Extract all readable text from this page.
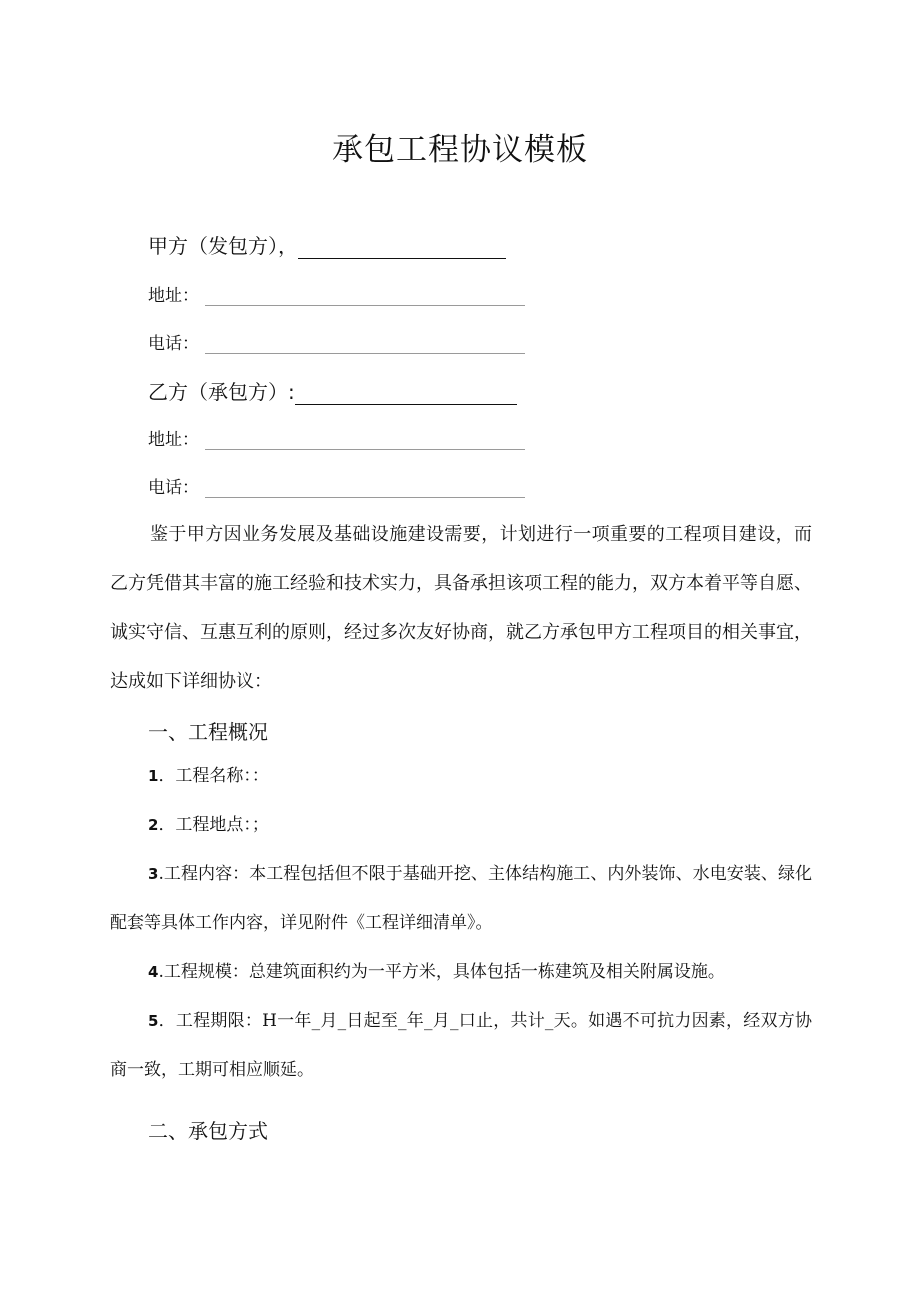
承包工程协议模板
甲方（发包方），
地址：
电话：
乙方（承包方）:
地址：
电话：
鉴于甲方因业务发展及基础设施建设需要，计划进行一项重要的工程项目建设，而乙方凭借其丰富的施工经验和技术实力，具备承担该项工程的能力，双方本着平等自愿、诚实守信、互惠互利的原则，经过多次友好协商，就乙方承包甲方工程项目的相关事宜，达成如下详细协议：
一、工程概况
1．工程名称：：
2．工程地点：；
3.工程内容：本工程包括但不限于基础开挖、主体结构施工、内外装饰、水电安装、绿化配套等具体工作内容，详见附件《工程详细清单》。
4.工程规模：总建筑面积约为一平方米，具体包括一栋建筑及相关附属设施。
5．工程期限：H一年_月_日起至_年_月_口止，共计_天。如遇不可抗力因素，经双方协商一致，工期可相应顺延。
二、承包方式
